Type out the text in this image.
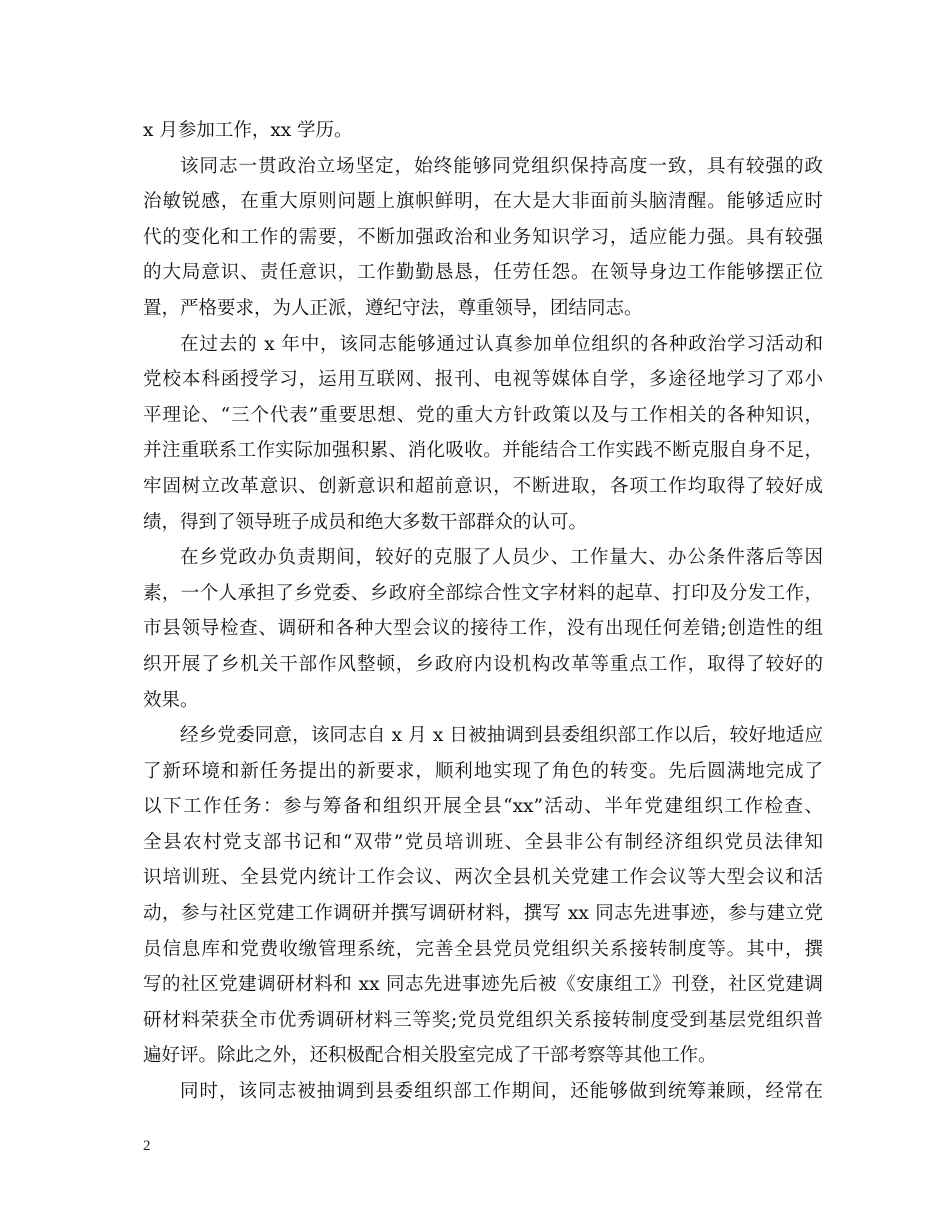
x 月参加工作，xx 学历。
该同志一贯政治立场坚定，始终能够同党组织保持高度一致，具有较强的政
治敏锐感，在重大原则问题上旗帜鲜明，在大是大非面前头脑清醒。能够适应时
代的变化和工作的需要，不断加强政治和业务知识学习，适应能力强。具有较强
的大局意识、责任意识，工作勤勤恳恳，任劳任怨。在领导身边工作能够摆正位
置，严格要求，为人正派，遵纪守法，尊重领导，团结同志。
在过去的 x 年中，该同志能够通过认真参加单位组织的各种政治学习活动和
党校本科函授学习，运用互联网、报刊、电视等媒体自学，多途径地学习了邓小
平理论、“三个代表”重要思想、党的重大方针政策以及与工作相关的各种知识，
并注重联系工作实际加强积累、消化吸收。并能结合工作实践不断克服自身不足，
牢固树立改革意识、创新意识和超前意识，不断进取，各项工作均取得了较好成
绩，得到了领导班子成员和绝大多数干部群众的认可。
在乡党政办负责期间，较好的克服了人员少、工作量大、办公条件落后等因
素，一个人承担了乡党委、乡政府全部综合性文字材料的起草、打印及分发工作，
市县领导检查、调研和各种大型会议的接待工作，没有出现任何差错;创造性的组
织开展了乡机关干部作风整顿，乡政府内设机构改革等重点工作，取得了较好的
效果。
经乡党委同意，该同志自 x 月 x 日被抽调到县委组织部工作以后，较好地适应
了新环境和新任务提出的新要求，顺利地实现了角色的转变。先后圆满地完成了
以下工作任务：参与筹备和组织开展全县“xx”活动、半年党建组织工作检查、
全县农村党支部书记和“双带”党员培训班、全县非公有制经济组织党员法律知
识培训班、全县党内统计工作会议、两次全县机关党建工作会议等大型会议和活
动，参与社区党建工作调研并撰写调研材料，撰写 xx 同志先进事迹，参与建立党
员信息库和党费收缴管理系统，完善全县党员党组织关系接转制度等。其中，撰
写的社区党建调研材料和 xx 同志先进事迹先后被《安康组工》刊登，社区党建调
研材料荣获全市优秀调研材料三等奖;党员党组织关系接转制度受到基层党组织普
遍好评。除此之外，还积极配合相关股室完成了干部考察等其他工作。
同时，该同志被抽调到县委组织部工作期间，还能够做到统筹兼顾，经常在
2
